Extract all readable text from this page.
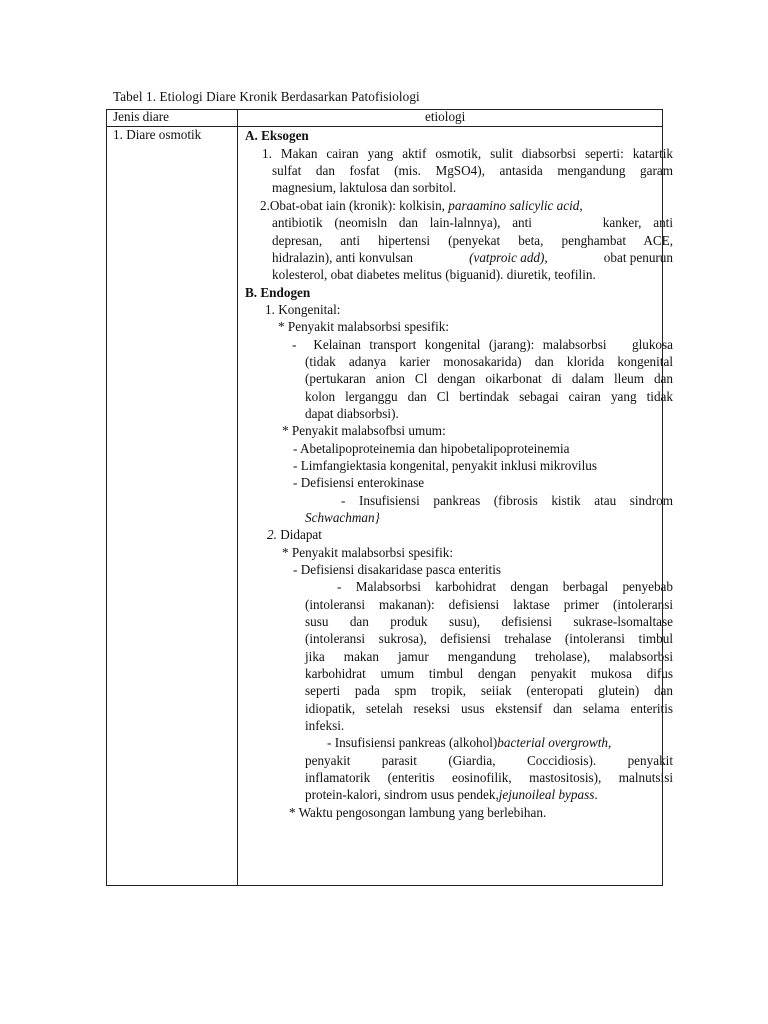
Tabel 1. Etiologi Diare Kronik Berdasarkan Patofisiologi
Jenis diare	etiologi
1. Diare osmotik	A. Eksogen
1. Makan cairan yang aktif osmotik, sulit diabsorbsi seperti: katartik
sulfat dan fosfat (mis. MgSO4), antasida mengandung garam
magnesium, laktulosa dan sorbitol.
2.Obat-obat iain (kronik): kolkisin, paraamino salicylic acid,
antibiotik (neomisln dan lain-lalnnya), anti      kanker, anti
depresan, anti hipertensi (penyekat beta, penghambat ACE,
hidralazin), anti konvulsan	(vatproic add),	obat penurun
kolesterol, obat diabetes melitus (biguanid). diuretik, teofilin.
B. Endogen
1. Kongenital:
* Penyakit malabsorbsi spesifik:
-  Kelainan transport kongenital (jarang): malabsorbsi   glukosa
(tidak adanya karier monosakarida) dan klorida kongenital
(pertukaran anion Cl dengan oikarbonat di dalam lleum dan
kolon lerganggu dan Cl bertindak sebagai cairan yang tidak
dapat diabsorbsi).
* Penyakit malabsofbsi umum:
- Abetalipoproteinemia dan hipobetalipoproteinemia
- Limfangiektasia kongenital, penyakit inklusi mikrovilus
- Defisiensi enterokinase
- Insufisiensi pankreas (fibrosis kistik atau sindrom
Schwachman}
2. Didapat
* Penyakit malabsorbsi spesifik:
- Defisiensi disakaridase pasca enteritis
- Malabsorbsi karbohidrat dengan berbagal penyebab
(intoleransi makanan): defisiensi laktase primer (intoleransi
susu dan produk susu), defisiensi sukrase-lsomaltase
(intoleransi sukrosa), defisiensi trehalase (intoleransi timbul
jika makan jamur mengandung treholase), malabsorbsi
karbohidrat umum timbul dengan penyakit mukosa difus
seperti pada spm tropik, seiiak (enteropati glutein) dan
idiopatik, setelah reseksi usus ekstensif dan selama enteritis
infeksi.
- Insufisiensi pankreas (alkohol)bacterial overgrowth,
penyakit parasit (Giardia, Coccidiosis). penyakit
inflamatorik (enteritis eosinofilik, mastositosis), malnutsisi
protein-kalori, sindrom usus pendek,jejunoileal bypass.
* Waktu pengosongan lambung yang berlebihan.
